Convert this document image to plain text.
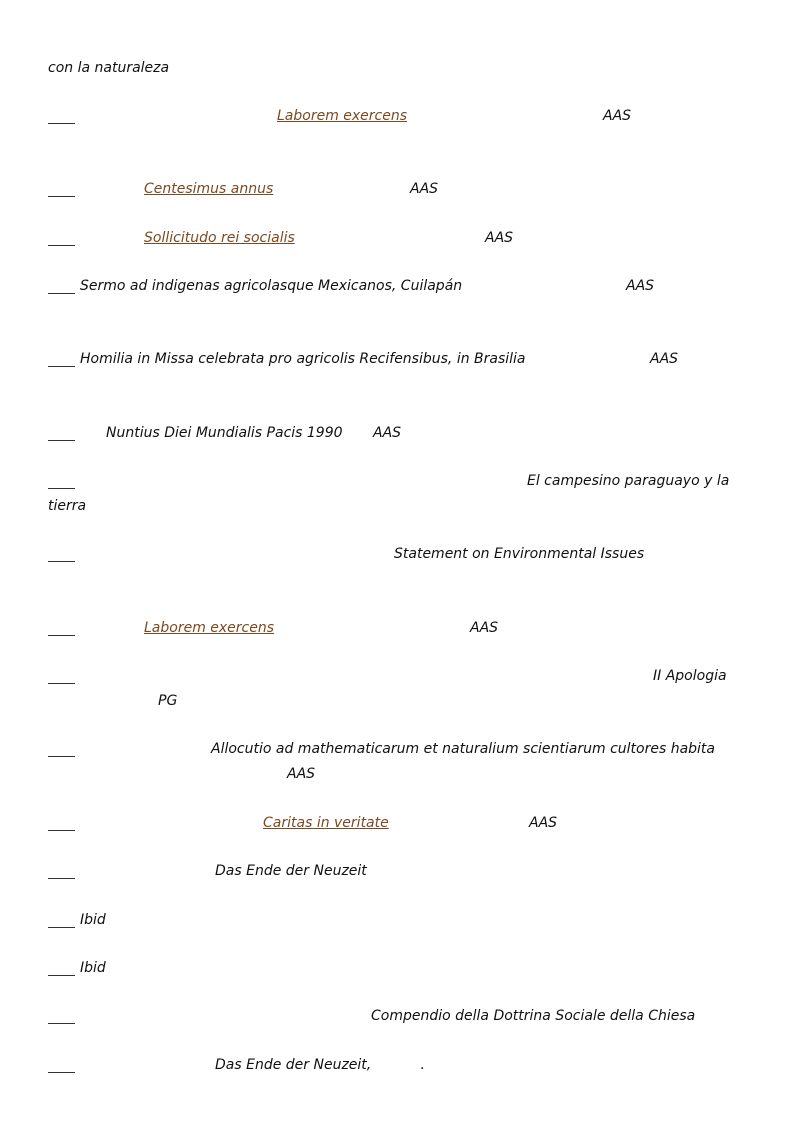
con la naturaleza
Laborem exercens	AAS
Centesimus annus	AAS
Sollicitudo rei socialis	AAS
Sermo ad indigenas agricolasque Mexicanos, Cuilapán	AAS
Homilia in Missa celebrata pro agricolis Recifensibus, in Brasilia	AAS
Nuntius Diei Mundialis Pacis 1990 AAS
El campesino paraguayo y la
tierra
Statement on Environmental Issues
Laborem exercens	AAS
II Apologia
PG
Allocutio ad mathematicarum et naturalium scientiarum cultores habita
AAS
Caritas in veritate	AAS
Das Ende der Neuzeit
Ibid
Ibid
Compendio della Dottrina Sociale della Chiesa
Das Ende der Neuzeit,	.
